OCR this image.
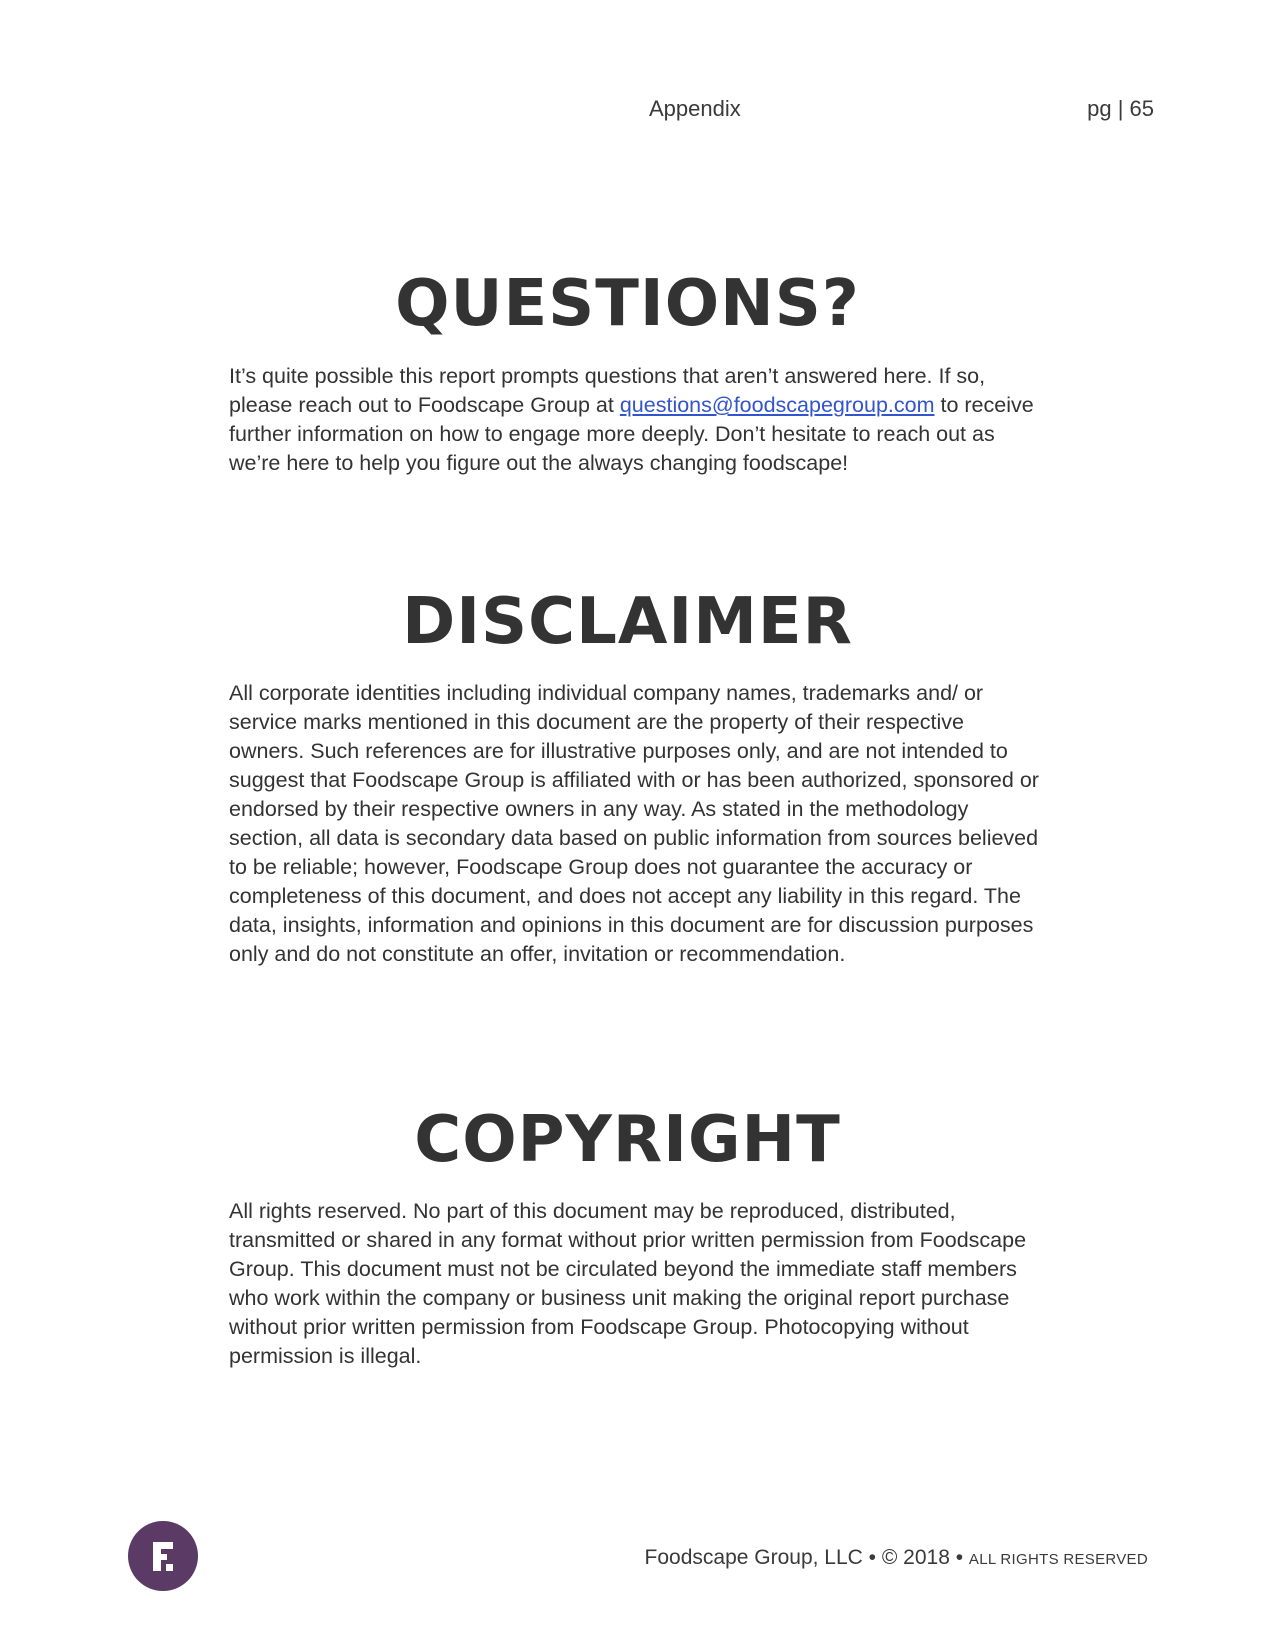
Appendix	pg | 65
QUESTIONS?

It’s quite possible this report prompts questions that aren’t answered here. If so, please reach out to Foodscape Group at questions@foodscapegroup.com to receive further information on how to engage more deeply. Don’t hesitate to reach out as we’re here to help you figure out the always changing foodscape!

DISCLAIMER

All corporate identities including individual company names, trademarks and/ or service marks mentioned in this document are the property of their respective owners. Such references are for illustrative purposes only, and are not intended to suggest that Foodscape Group is affiliated with or has been authorized, sponsored or endorsed by their respective owners in any way. As stated in the methodology section, all data is secondary data based on public information from sources believed to be reliable; however, Foodscape Group does not guarantee the accuracy or completeness of this document, and does not accept any liability in this regard. The data, insights, information and opinions in this document are for discussion purposes only and do not constitute an offer, invitation or recommendation.

COPYRIGHT

All rights reserved. No part of this document may be reproduced, distributed, transmitted or shared in any format without prior written permission from Foodscape Group. This document must not be circulated beyond the immediate staff members who work within the company or business unit making the original report purchase without prior written permission from Foodscape Group. Photocopying without permission is illegal.

Foodscape Group, LLC • © 2018 • ALL RIGHTS RESERVED
